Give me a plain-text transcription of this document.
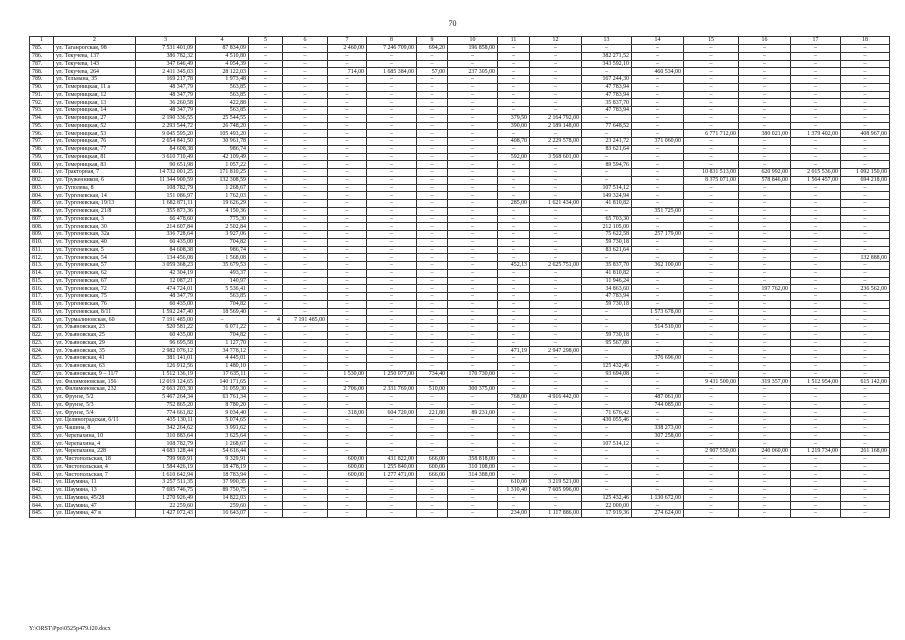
70
1	2	3	4	5	6	7	8	9	10	11	12	13	14	15	16	17	18
785.	ул. Таганрогская, 98	7 531 401,09	87 834,09	–	–	2 460,00	7 246 709,00	694,20	196 858,00	–	–	–	–	–	–	–	–
786.	ул. Текучева, 137	386 782,32	4 510,80	–	–	–	–	–	–	–	–	382 271,52	–	–	–	–	–
787.	ул. Текучева, 143	347 646,49	4 054,39	–	–	–	–	–	–	–	–	343 592,10	–	–	–	–	–
788.	ул. Текучева, 264	2 411 345,03	28 122,03	–	–	714,00	1 685 384,00	57,00	237 305,00	–	–	–	460 534,00	–	–	–	–
789.	ул. Тельмана, 35	169 217,78	1 973,48	–	–	–	–	–	–	–	–	167 244,30	–	–	–	–	–
790.	ул. Темерницкая, 11 а	48 347,79	563,85	–	–	–	–	–	–	–	–	47 783,94	–	–	–	–	–
791.	ул. Темерницкая, 12	48 347,79	563,85	–	–	–	–	–	–	–	–	47 783,94	–	–	–	–	–
792.	ул. Темерницкая, 13	36 260,58	422,88	–	–	–	–	–	–	–	–	35 837,70	–	–	–	–	–
793.	ул. Темерницкая, 14	48 347,79	563,85	–	–	–	–	–	–	–	–	47 783,94	–	–	–	–	–
794.	ул. Темерницкая, 27	2 190 336,55	25 544,55	–	–	–	–	–	–	379,50	2 164 792,00	–	–	–	–	–	–
795.	ул. Темерницкая, 52	2 293 544,72	26 748,20	–	–	–	–	–	–	390,00	2 189 148,00	77 648,52	–	–	–	–	–
796.	ул. Темерницкая, 53	9 045 595,20	105 493,20	–	–	–	–	–	–	–	–	–	–	6 771 712,00	380 021,00	1 379 402,00	408 967,00
797.	ул. Темерницкая, 76	2 654 841,50	30 961,78	–	–	–	–	–	–	408,70	2 229 578,00	23 241,72	371 060,00	–	–	–	–
798.	ул. Темерницкая, 77	84 608,38	986,74	–	–	–	–	–	–	–	–	83 621,64	–	–	–	–	–
799.	ул. Темерницкая, 81	3 610 710,49	42 109,49	–	–	–	–	–	–	592,00	3 568 601,00	–	–	–	–	–	–
800.	ул. Темерницкая, 83	90 651,98	1 057,22	–	–	–	–	–	–	–	–	89 594,76	–	–	–	–	–
801.	ул. Тракторная, 7	14 732 001,25	171 810,25	–	–	–	–	–	–	–	–	–	–	10 831 513,00	620 992,00	2 015 536,00	1 092 150,00
802.	ул. Труженников, 6	11 344 900,59	132 308,59	–	–	–	–	–	–	–	–	–	–	8 375 071,00	578 846,00	1 564 457,00	694 218,00
803.	ул. Туполева, 8	108 782,79	1 268,67	–	–	–	–	–	–	–	–	107 514,12	–	–	–	–	–
804.	ул. Тургеневская, 14	151 086,97	1 762,03	–	–	–	–	–	–	–	–	149 324,94	–	–	–	–	–
805.	ул. Тургеневская, 19/13	1 682 871,11	19 626,29	–	–	–	–	–	–	285,00	1 621 434,00	41 810,82	–	–	–	–	–
806.	ул. Тургеневская, 21/8	355 873,36	4 150,36	–	–	–	–	–	–	–	–	–	351 725,00	–	–	–	–
807.	ул. Тургеневская, 3	66 478,60	775,30	–	–	–	–	–	–	–	–	65 703,30	–	–	–	–	–
808.	ул. Тургеневская, 30	214 607,84	2 502,84	–	–	–	–	–	–	–	–	212 105,00	–	–	–	–	–
809.	ул. Тургеневская, 32а	336 728,64	3 927,06	–	–	–	–	–	–	–	–	75 622,58	257 179,00	–	–	–	–
810.	ул. Тургеневская, 40	60 435,00	704,82	–	–	–	–	–	–	–	–	59 730,18	–	–	–	–	–
811.	ул. Тургеневская, 5	84 608,38	986,74	–	–	–	–	–	–	–	–	83 621,64	–	–	–	–	–
812.	ул. Тургеневская, 54	134 456,08	1 568,08	–	–	–	–	–	–	–	–	–	–	–	–	–	132 888,00
813.	ул. Тургеневская, 57	3 059 368,23	35 679,53	–	–	–	–	–	–	452,13	2 625 751,00	35 837,70	362 100,00	–	–	–	–
814.	ул. Тургеневская, 62	42 304,19	493,37	–	–	–	–	–	–	–	–	41 810,82	–	–	–	–	–
815.	ул. Тургеневская, 67	12 087,21	140,97	–	–	–	–	–	–	–	–	11 946,24	–	–	–	–	–
816.	ул. Тургеневская, 72	474 724,01	5 536,41	–	–	–	–	–	–	–	–	34 863,60	–	–	197 762,00	–	236 562,00
817.	ул. Тургеневская, 75	48 347,79	563,85	–	–	–	–	–	–	–	–	47 783,94	–	–	–	–	–
818.	ул. Тургеневская, 76	60 435,00	704,82	–	–	–	–	–	–	–	–	59 730,18	–	–	–	–	–
819.	ул. Тургеневская, 8/11	1 592 247,40	18 569,40	–	–	–	–	–	–	–	–	–	1 573 678,00	–	–	–	–
820.	ул. Турмалиновская, 60	7 191 485,00	–	4	7 191 485,00	–	–	–	–	–	–	–	–	–	–	–	–
821.	ул. Ульяновская, 23	520 581,22	6 071,22	–	–	–	–	–	–	–	–	–	514 510,00	–	–	–	–
822.	ул. Ульяновская, 25	60 435,00	704,82	–	–	–	–	–	–	–	–	59 730,18	–	–	–	–	–
823.	ул. Ульяновская, 29	96 695,58	1 127,70	–	–	–	–	–	–	–	–	95 567,88	–	–	–	–	–
824.	ул. Ульяновская, 35	2 982 076,12	34 778,12	–	–	–	–	–	–	471,19	2 947 298,00	–	–	–	–	–	–
825.	ул. Ульяновская, 41	381 141,01	4 445,01	–	–	–	–	–	–	–	–	–	376 696,00	–	–	–	–
826.	ул. Ульяновская, 63	126 912,56	1 480,10	–	–	–	–	–	–	–	–	125 432,46	–	–	–	–	–
827.	ул. Ульяновская, 9 – 11/7	1 512 136,19	17 635,11	–	–	1 530,00	1 250 077,00	734,40	170 730,00	–	–	93 694,08	–	–	–	–	–
828.	ул. Филимоновская, 156	12 019 124,65	140 171,65	–	–	–	–	–	–	–	–	–	–	9 431 500,00	319 357,00	1 512 954,00	615 142,00
829.	ул. Филимоновская, 232	2 663 203,30	31 059,30	–	–	2 706,00	2 331 769,00	510,00	300 375,00	–	–	–	–	–	–	–	–
830.	ул. Фрунзе, 5/2	5 467 264,34	63 761,34	–	–	–	–	–	–	768,00	4 916 442,00	–	487 061,00	–	–	–	–
831.	ул. Фрунзе, 5/3	752 865,20	8 780,20	–	–	–	–	–	–	–	–	–	744 085,00	–	–	–	–
832.	ул. Фрунзе, 5/4	774 661,82	9 034,40	–	–	318,00	604 720,00	221,80	89 231,00	–	–	71 676,42	–	–	–	–	–
833.	ул. Целиноградская, 6/11	435 130,11	5 074,65	–	–	–	–	–	–	–	–	430 055,46	–	–	–	–	–
834.	ул. Чашина, 8	342 264,62	3 991,62	–	–	–	–	–	–	–	–	–	338 273,00	–	–	–	–
835.	ул. Черепахина, 10	310 883,64	3 625,64	–	–	–	–	–	–	–	–	–	307 258,00	–	–	–	–
836.	ул. Черепахина, 4	108 782,79	1 268,67	–	–	–	–	–	–	–	–	107 514,12	–	–	–	–	–
837.	ул. Черепахина, 228	4 683 128,44	54 616,44	–	–	–	–	–	–	–	–	–	–	2 907 550,00	240 060,00	1 219 734,00	261 168,00
838.	ул. Чистопольская, 18	799 969,91	9 329,91	–	–	600,00	431 822,00	666,00	358 818,00	–	–	–	–	–	–	–	–
839.	ул. Чистопольская, 4	1 584 426,19	18 478,19	–	–	600,00	1 255 840,00	600,00	310 108,00	–	–	–	–	–	–	–	–
840.	ул. Чистопольская, 7	1 610 642,94	18 783,94	–	–	600,00	1 277 471,00	666,00	314 388,00	–	–	–	–	–	–	–	–
841.	ул. Шаумяна, 11	3 257 511,35	37 990,35	–	–	–	–	–	–	610,00	3 219 521,00	–	–	–	–	–	–
842.	ул. Шаумяна, 13	7 695 746,75	89 750,75	–	–	–	–	–	–	1 310,40	7 605 996,00	–	–	–	–	–	–
843.	ул. Шаумяна, 45/28	1 270 926,49	14 822,03	–	–	–	–	–	–	–	–	125 432,46	1 130 672,00	–	–	–	–
844.	ул. Шаумяна, 47	22 259,60	259,60	–	–	–	–	–	–	–	–	22 000,00	–	–	–	–	–
845.	ул. Шаумяна, 47 в	1 427 072,43	16 643,07	–	–	–	–	–	–	234,00	1 117 886,00	17 919,36	274 624,00	–	–	–	–
Y:\ORST\Ppo\0525p479.f20.docx
